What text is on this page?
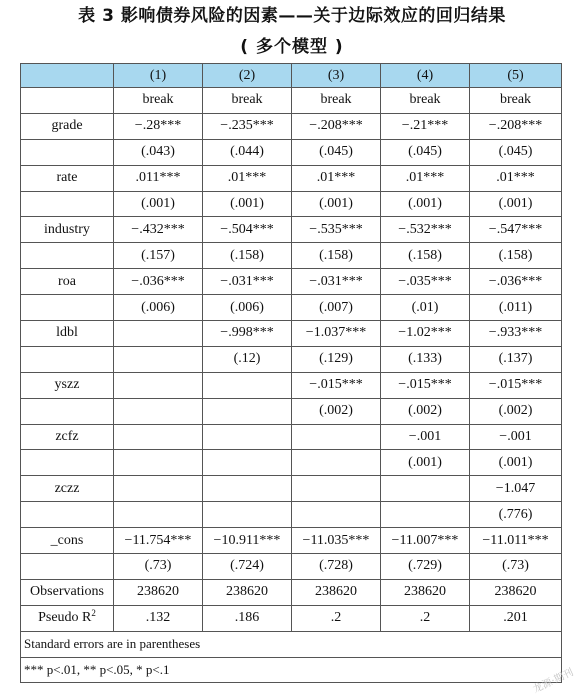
表 3 影响债券风险的因素——关于边际效应的回归结果
( 多个模型 )
	(1)	(2)	(3)	(4)	(5)
	break	break	break	break	break
grade	−.28***	−.235***	−.208***	−.21***	−.208***
	(.043)	(.044)	(.045)	(.045)	(.045)
rate	.011***	.01***	.01***	.01***	.01***
	(.001)	(.001)	(.001)	(.001)	(.001)
industry	−.432***	−.504***	−.535***	−.532***	−.547***
	(.157)	(.158)	(.158)	(.158)	(.158)
roa	−.036***	−.031***	−.031***	−.035***	−.036***
	(.006)	(.006)	(.007)	(.01)	(.011)
ldbl		−.998***	−1.037***	−1.02***	−.933***
		(.12)	(.129)	(.133)	(.137)
yszz			−.015***	−.015***	−.015***
			(.002)	(.002)	(.002)
zcfz				−.001	−.001
				(.001)	(.001)
zczz					−1.047
					(.776)
_cons	−11.754***	−10.911***	−11.035***	−11.007***	−11.011***
	(.73)	(.724)	(.728)	(.729)	(.73)
Observations	238620	238620	238620	238620	238620
Pseudo $R^2$	.132	.186	.2	.2	.201
Standard errors are in parentheses					
*** p<.01, ** p<.05, * p<.1						龙源·期刊
